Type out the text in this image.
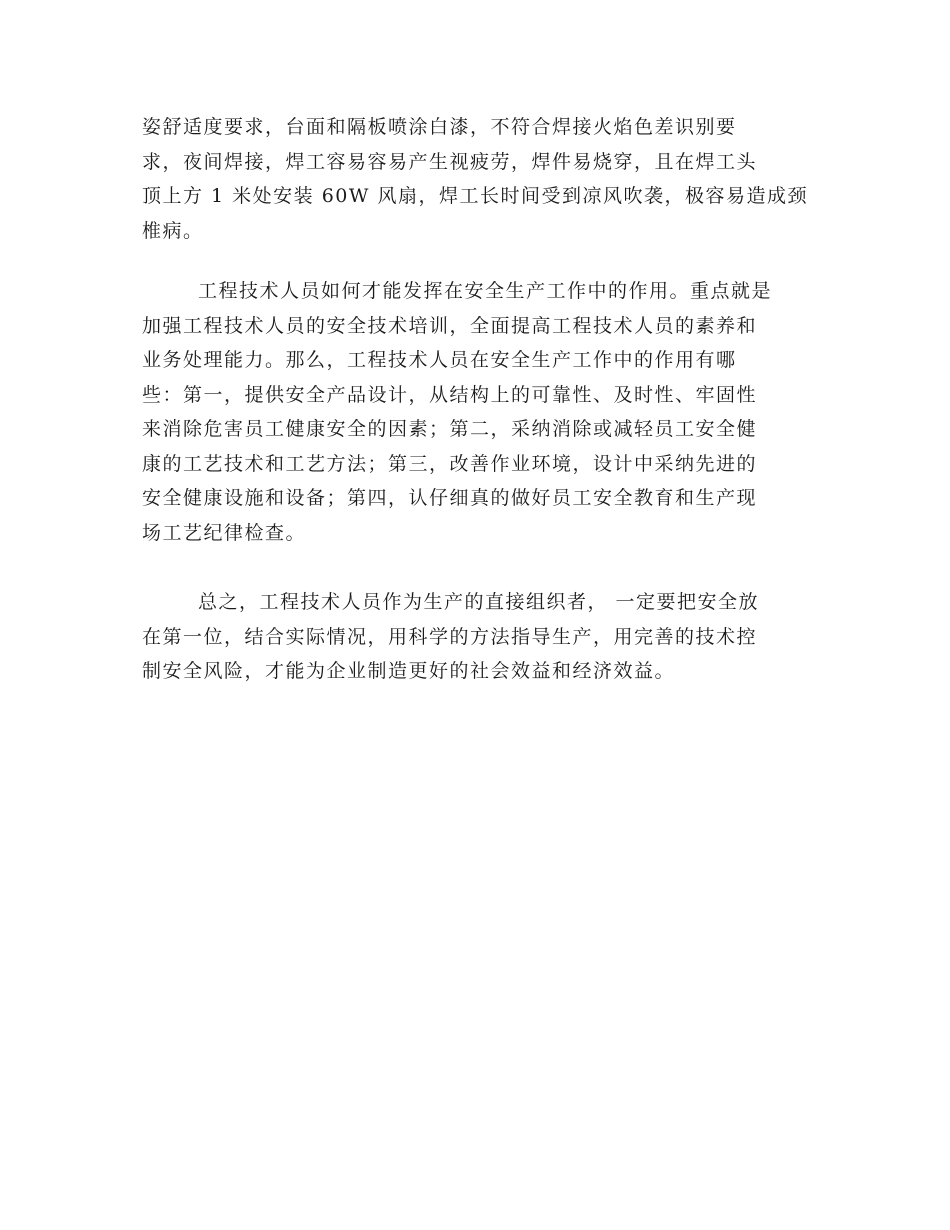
姿舒适度要求，台面和隔板喷涂白漆，不符合焊接火焰色差识别要
求，夜间焊接，焊工容易容易产生视疲劳，焊件易烧穿，且在焊工头
顶上方 1 米处安装 60W 风扇，焊工长时间受到凉风吹袭，极容易造成颈
椎病。
工程技术人员如何才能发挥在安全生产工作中的作用。重点就是
加强工程技术人员的安全技术培训，全面提高工程技术人员的素养和
业务处理能力。那么，工程技术人员在安全生产工作中的作用有哪
些：第一，提供安全产品设计，从结构上的可靠性、及时性、牢固性
来消除危害员工健康安全的因素；第二，采纳消除或减轻员工安全健
康的工艺技术和工艺方法；第三，改善作业环境，设计中采纳先进的
安全健康设施和设备；第四，认仔细真的做好员工安全教育和生产现
场工艺纪律检查。
总之，工程技术人员作为生产的直接组织者， 一定要把安全放
在第一位，结合实际情况，用科学的方法指导生产，用完善的技术控
制安全风险，才能为企业制造更好的社会效益和经济效益。
